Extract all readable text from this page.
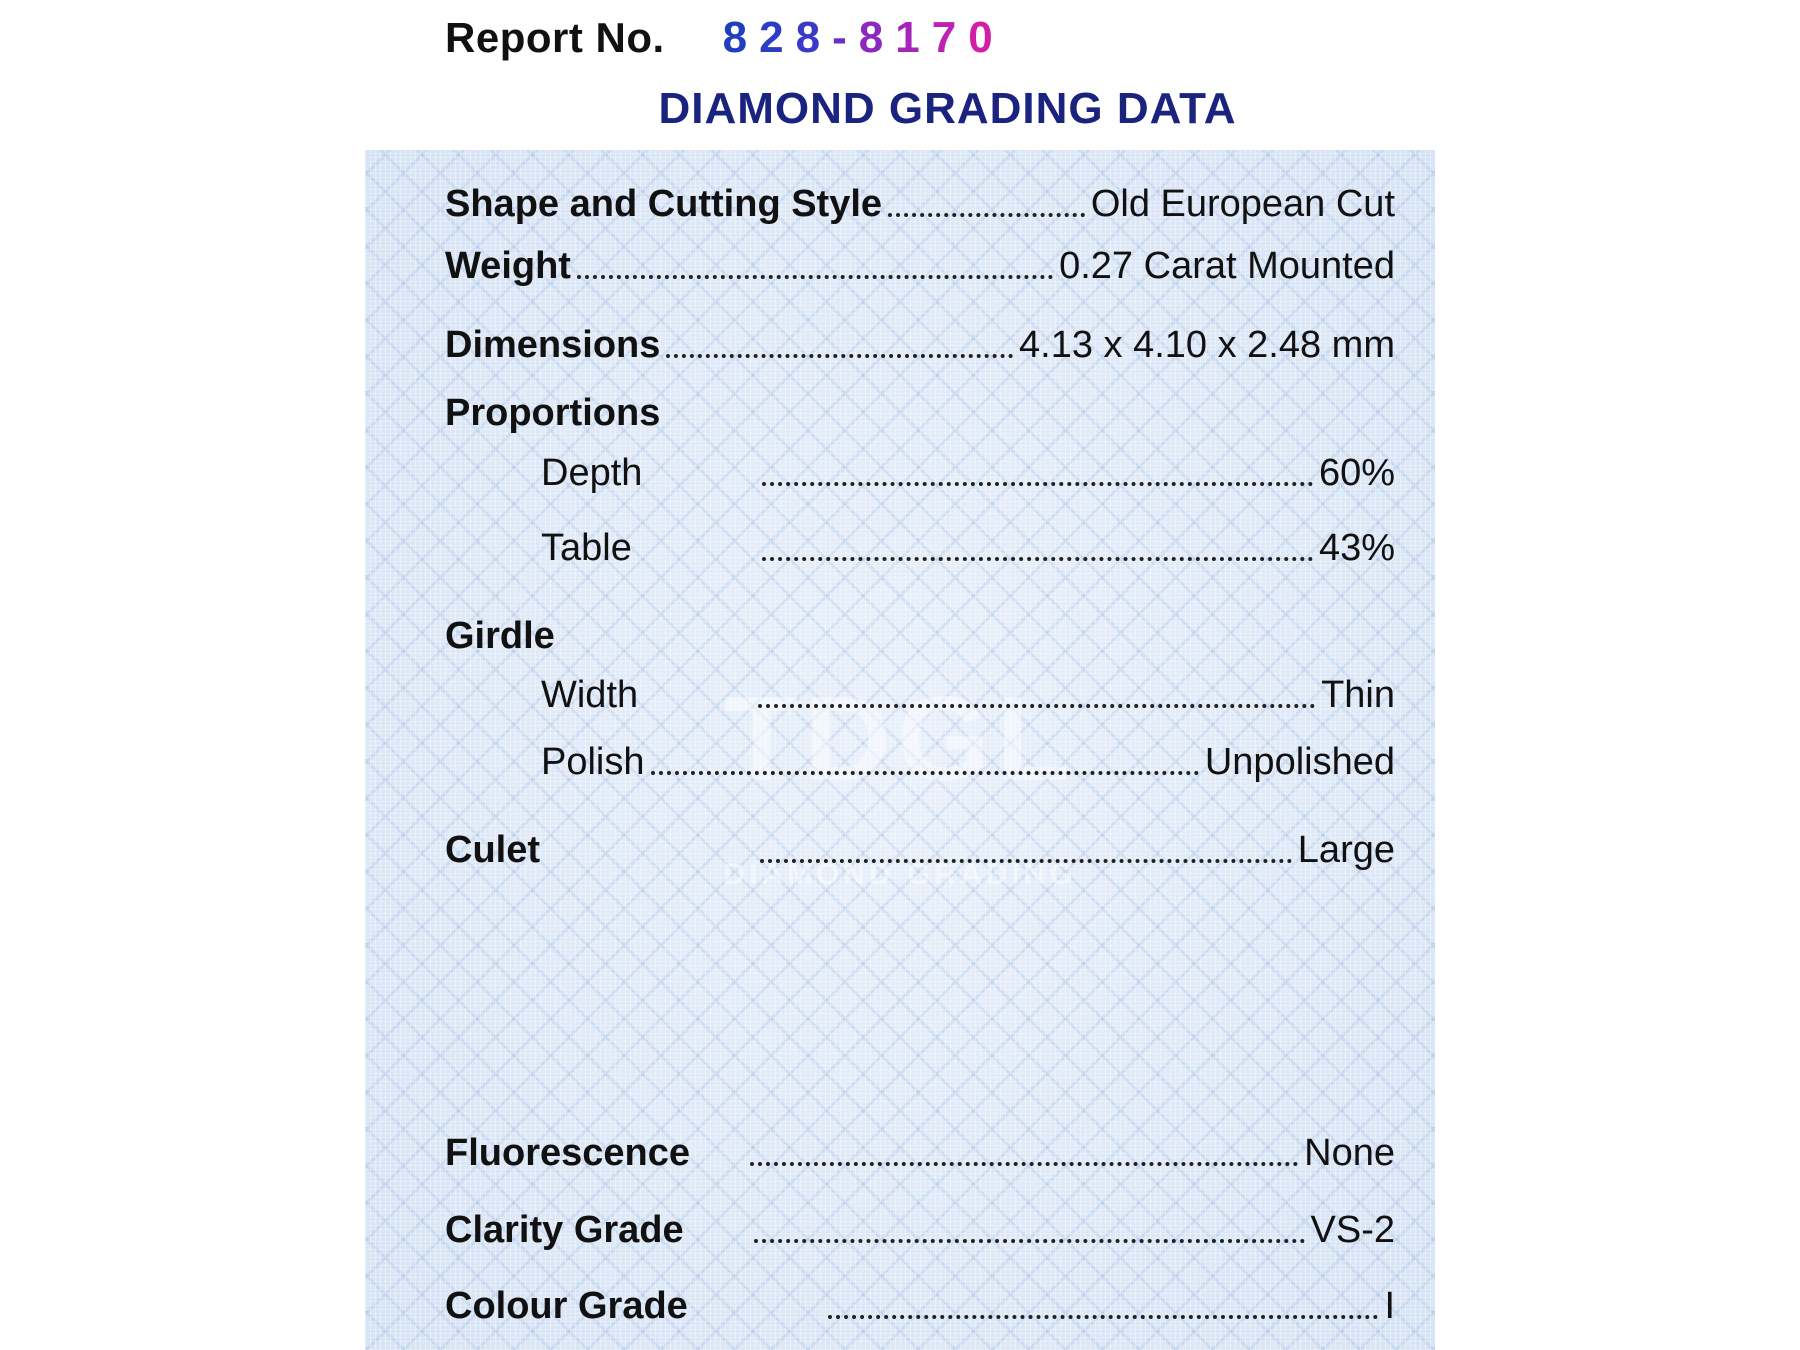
Report No. 828-8170
DIAMOND GRADING DATA
TDGL
DIAMOND GRADING
Shape and Cutting Style	Old European Cut
Weight	0.27 Carat Mounted
Dimensions	4.13 x 4.10 x 2.48 mm
Proportions
Depth	60%
Table	43%
Girdle
Width	Thin
Polish	Unpolished
Culet	Large
Fluorescence	None
Clarity Grade	VS-2
Colour Grade	I
